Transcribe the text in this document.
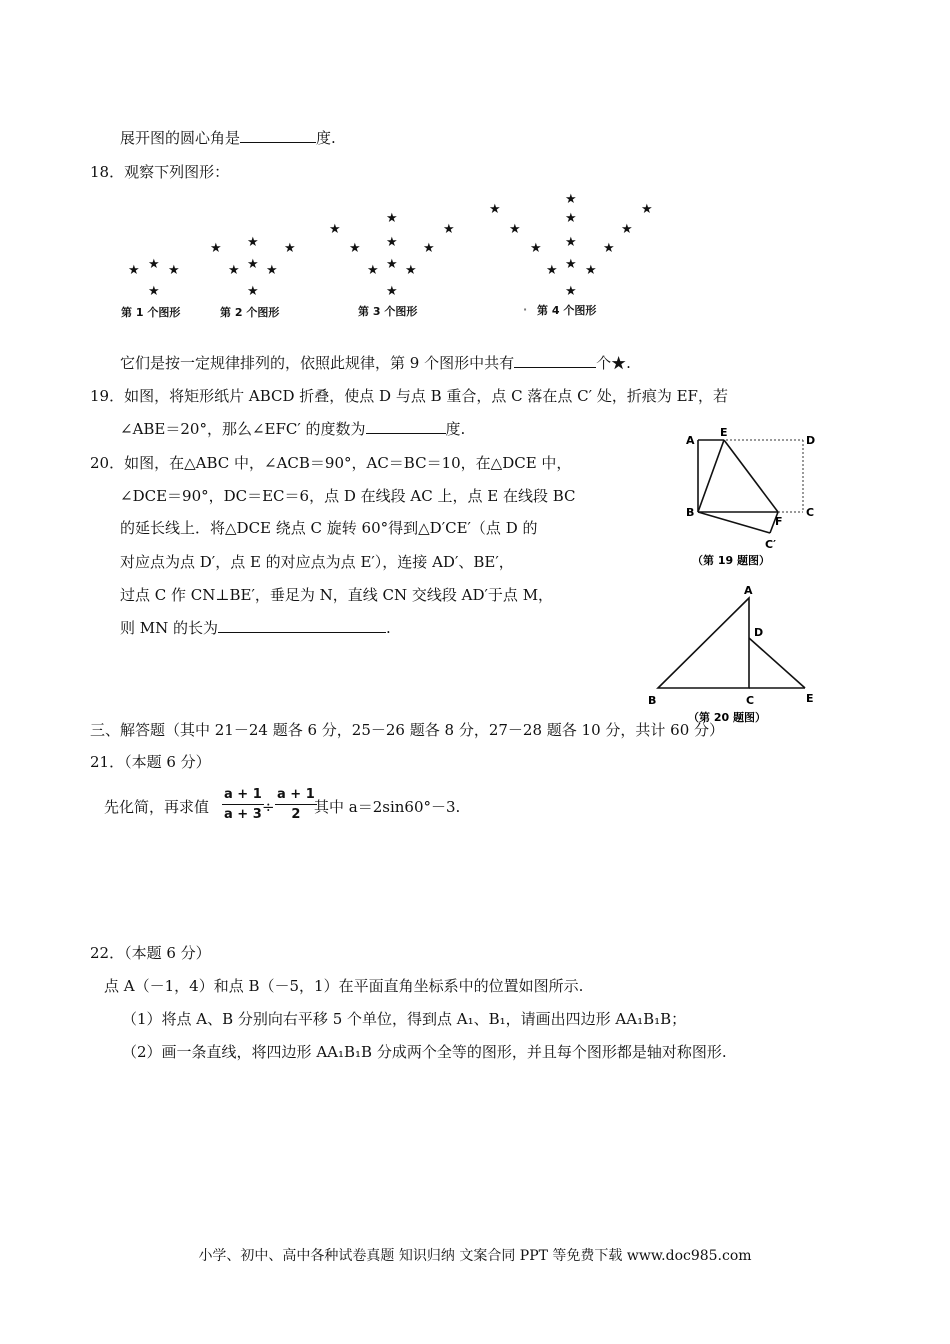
展开图的圆心角是	度.
18．观察下列图形：
★ ★ ★
★
★ ★ ★
★ ★ ★
★
★
★
★
★ ★ ★
★ ★ ★
★
★
★
★
★
★
★
★ ★ ★
★ ★ ★
★
第 1 个图形	第 2 个图形	第 3 个图形	· 第 4 个图形
它们是按一定规律排列的，依照此规律，第 9 个图形中共有	个★.
19．如图，将矩形纸片 ABCD 折叠，使点 D 与点 B 重合，点 C 落在点 C′ 处，折痕为 EF，若
∠ABE＝20°，那么∠EFC′ 的度数为	度.
A
E
D
B
F
C
C′
（第 19 题图）
20．如图，在△ABC 中，∠ACB＝90°，AC＝BC＝10，在△DCE 中，
∠DCE＝90°，DC＝EC＝6，点 D 在线段 AC 上，点 E 在线段 BC
的延长线上．将△DCE 绕点 C 旋转 60°得到△D′CE′（点 D 的
对应点为点 D′，点 E 的对应点为点 E′），连接 AD′、BE′，
过点 C 作 CN⊥BE′，垂足为 N，直线 CN 交线段 AD′于点 M，
则 MN 的长为	.
A
D
B	C	E
（第 20 题图）
三、解答题（其中 21－24 题各 6 分，25－26 题各 8 分，27－28 题各 10 分，共计 60 分）
21．（本题 6 分）
先化简，再求值 $\frac{a + 1}{a + 3}$
÷ $\frac{a + 1}{2}$
其中 a＝2sin60°－3.
22．（本题 6 分）
点 A（－1，4）和点 B（－5，1）在平面直角坐标系中的位置如图所示.
（1）将点 A、B 分别向右平移 5 个单位，得到点 A₁、B₁，请画出四边形 AA₁B₁B；
（2）画一条直线，将四边形 AA₁B₁B 分成两个全等的图形，并且每个图形都是轴对称图形.
小学、初中、高中各种试卷真题 知识归纳 文案合同 PPT 等免费下载 www.doc985.com
